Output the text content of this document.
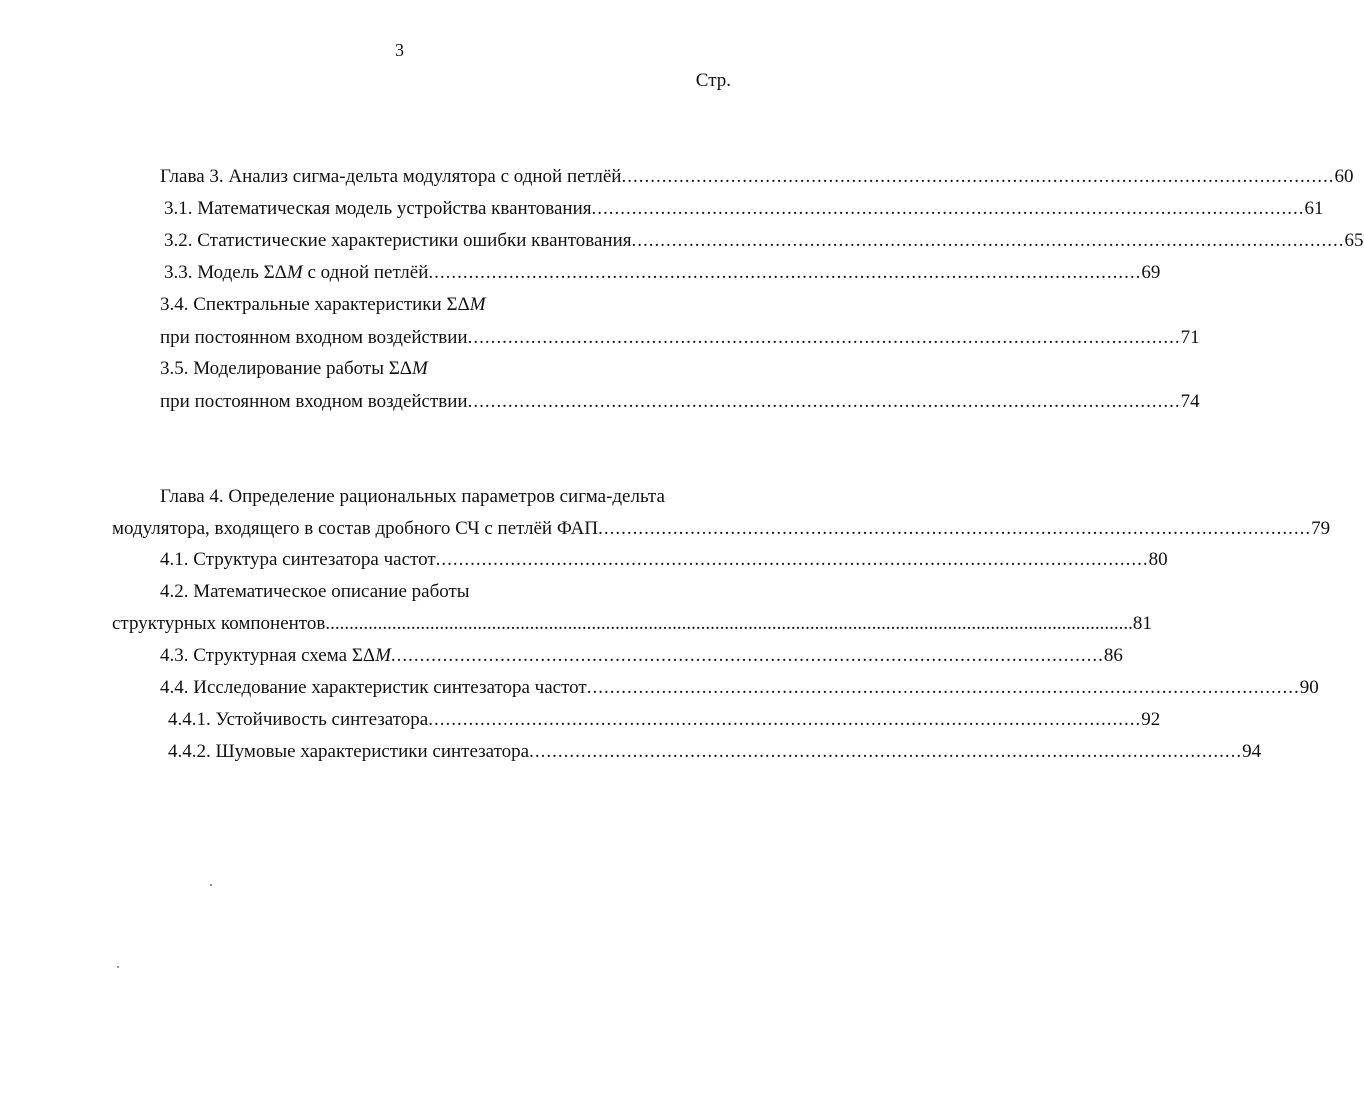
3
Стр.
Глава 3. Анализ сигма-дельта модулятора с одной петлёй ............................................................................................................................ 60
3.1. Математическая модель устройства квантования ............................................................................................................................ 61
3.2. Статистические характеристики ошибки квантования ............................................................................................................................ 65
3.3. Модель ΣΔM с одной петлёй ............................................................................................................................ 69
3.4. Спектральные характеристики ΣΔM
при постоянном входном воздействии ............................................................................................................................ 71
3.5. Моделирование работы ΣΔM
при постоянном входном воздействии ............................................................................................................................ 74
Глава 4. Определение рациональных параметров сигма-дельта
модулятора, входящего в состав дробного СЧ с петлёй ФАП ............................................................................................................................ 79
4.1. Структура синтезатора частот ............................................................................................................................ 80
4.2. Математическое описание работы
структурных компонентов .......................................................................................................................................................................... 81
4.3. Структурная схема ΣΔM ............................................................................................................................ 86
4.4. Исследование характеристик синтезатора частот ............................................................................................................................ 90
4.4.1. Устойчивость синтезатора ............................................................................................................................ 92
4.4.2. Шумовые характеристики синтезатора ............................................................................................................................ 94
